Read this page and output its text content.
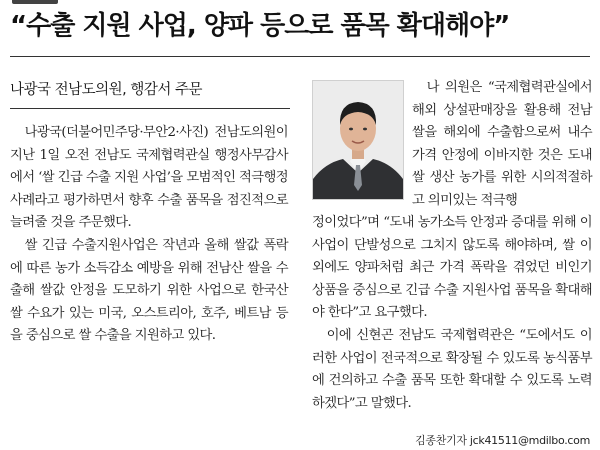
“수출 지원 사업, 양파 등으로 품목 확대해야”
나광국 전남도의원, 행감서 주문

나광국(더불어민주당·무안2·사진) 전남도의원이 지난 1일 오전 전남도 국제협력관실 행정사무감사에서 ‘쌀 긴급 수출 지원 사업’을 모범적인 적극행정 사례라고 평가하면서 향후 수출 품목을 점진적으로 늘려줄 것을 주문했다.

쌀 긴급 수출지원사업은 작년과 올해 쌀값 폭락에 따른 농가 소득감소 예방을 위해 전남산 쌀을 수출해 쌀값 안정을 도모하기 위한 사업으로 한국산 쌀 수요가 있는 미국, 오스트리아, 호주, 베트남 등을 중심으로 쌀 수출을 지원하고 있다.

나 의원은 “국제협력관실에서 해외 상설판매장을 활용해 전남 쌀을 해외에 수출함으로써 내수가격 안정에 이바지한 것은 도내 쌀 생산 농가를 위한 시의적절하고 의미있는 적극행

정이었다”며 “도내 농가소득 안정과 증대를 위해 이 사업이 단발성으로 그치지 않도록 해야하며, 쌀 이외에도 양파처럼 최근 가격 폭락을 겪었던 비인기 상품을 중심으로 긴급 수출 지원사업 품목을 확대해야 한다”고 요구했다.

이에 신현곤 전남도 국제협력관은 “도에서도 이러한 사업이 전국적으로 확장될 수 있도록 농식품부에 건의하고 수출 품목 또한 확대할 수 있도록 노력하겠다”고 말했다.

김종찬기자 jck41511@mdilbo.com
